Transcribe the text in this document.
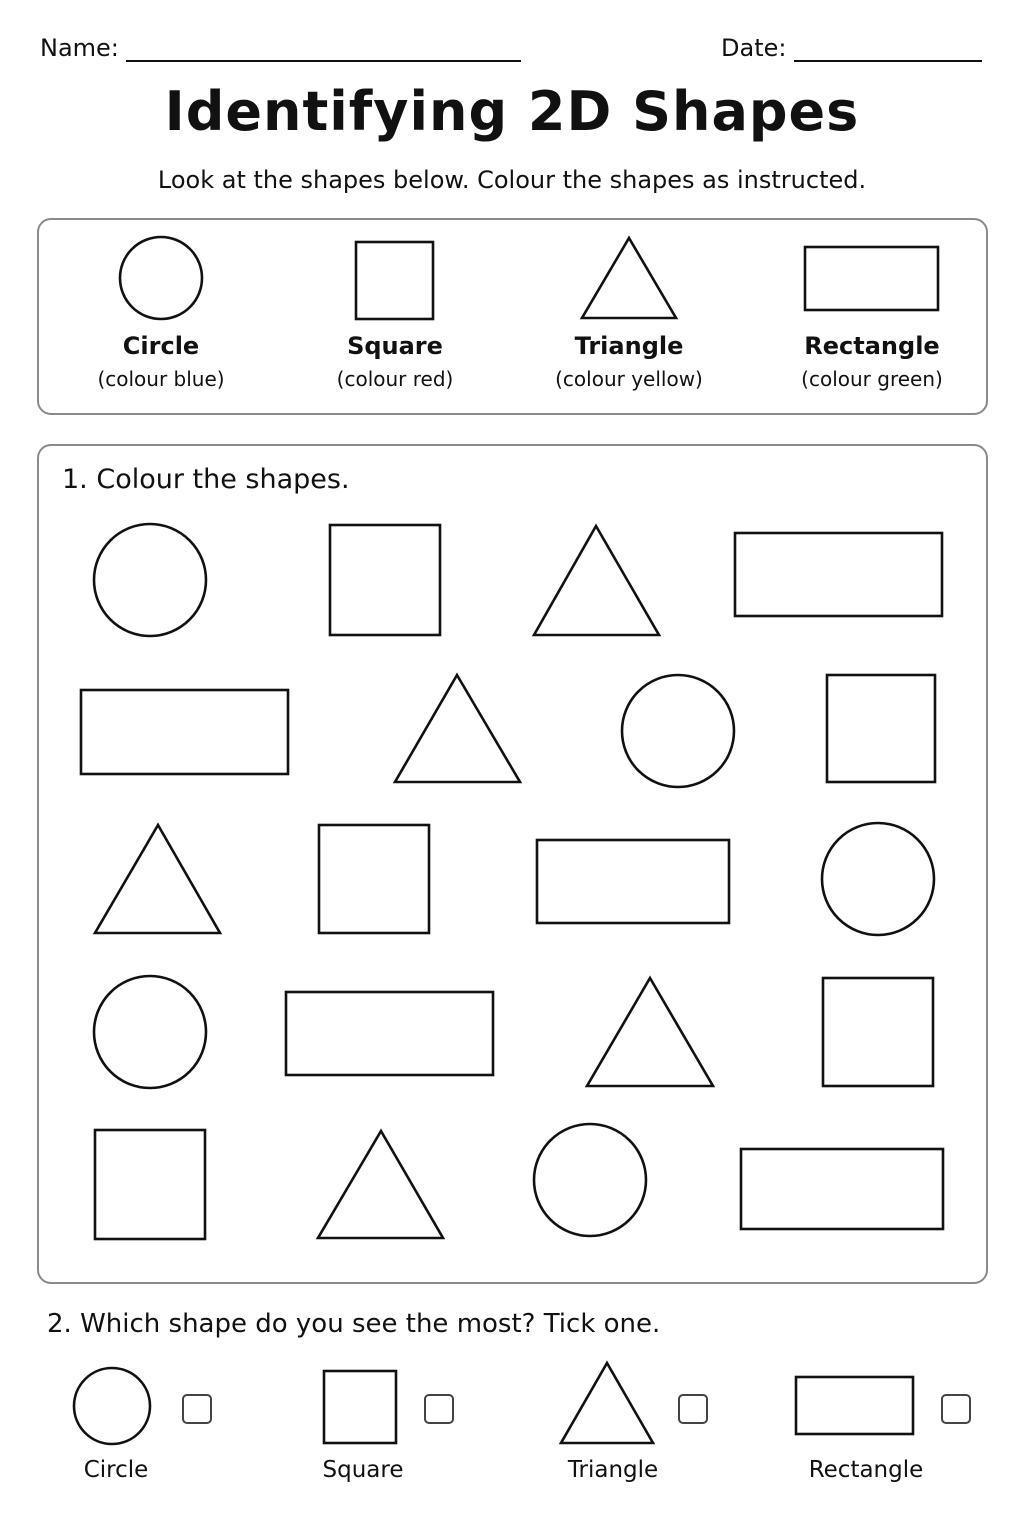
Name:	Date:
Identifying 2D Shapes
Look at the shapes below. Colour the shapes as instructed.
Circle
(colour blue)
Square
(colour red)
Triangle
(colour yellow)
Rectangle
(colour green)
1. Colour the shapes.
2. Which shape do you see the most? Tick one.
Circle	Square	Triangle	Rectangle
